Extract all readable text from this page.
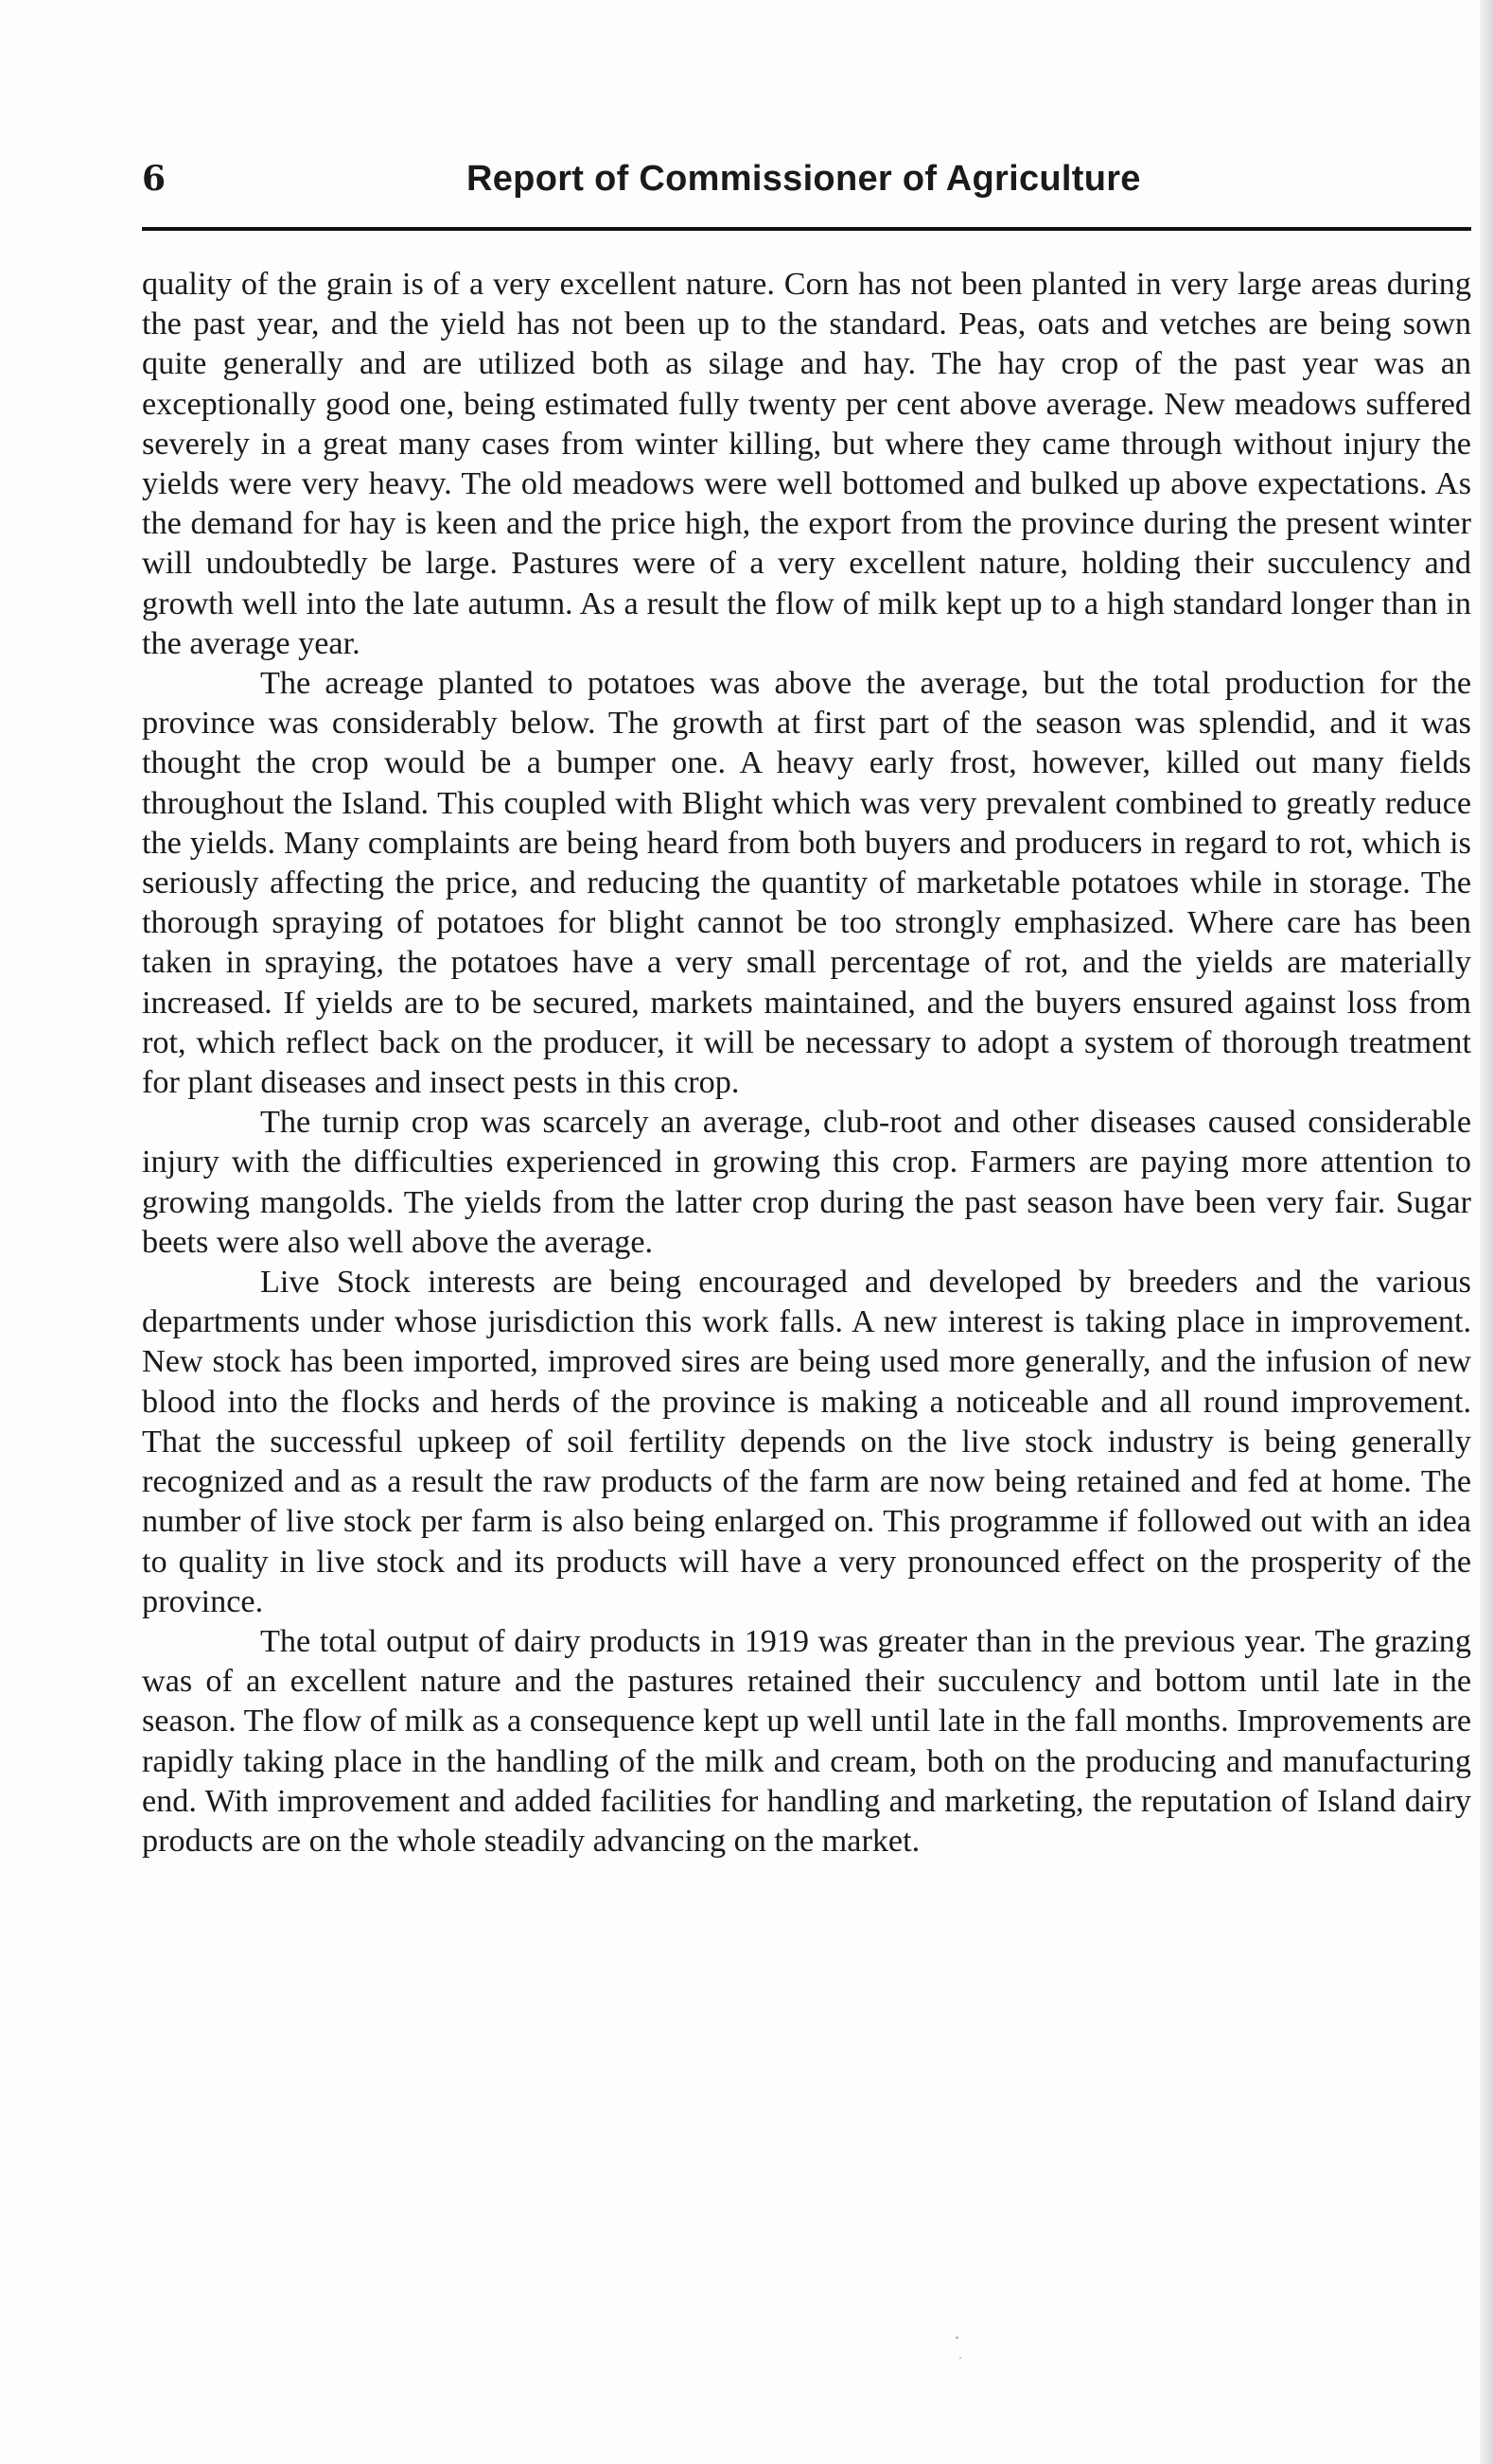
6	Report of Commissioner of Agriculture

quality of the grain is of a very excellent nature. Corn has not been planted in very large areas during the past year, and the yield has not been up to the standard. Peas, oats and vetches are being sown quite generally and are utilized both as silage and hay. The hay crop of the past year was an exceptionally good one, being estimated fully twenty per cent above average. New meadows suffered severely in a great many cases from winter killing, but where they came through without injury the yields were very heavy. The old meadows were well bottomed and bulked up above expectations. As the demand for hay is keen and the price high, the export from the province during the present winter will undoubtedly be large. Pastures were of a very excellent nature, holding their succulency and growth well into the late autumn. As a result the flow of milk kept up to a high standard longer than in the average year.

The acreage planted to potatoes was above the average, but the total production for the province was considerably below. The growth at first part of the season was splendid, and it was thought the crop would be a bumper one. A heavy early frost, however, killed out many fields throughout the Island. This coupled with Blight which was very prevalent combined to greatly reduce the yields. Many complaints are being heard from both buyers and producers in regard to rot, which is seriously affecting the price, and reducing the quantity of marketable potatoes while in storage. The thorough spraying of potatoes for blight cannot be too strongly emphasized. Where care has been taken in spraying, the potatoes have a very small percentage of rot, and the yields are materially increased. If yields are to be secured, markets maintained, and the buyers ensured against loss from rot, which reflect back on the producer, it will be necessary to adopt a system of thorough treatment for plant diseases and insect pests in this crop.

The turnip crop was scarcely an average, club-root and other diseases caused considerable injury with the difficulties experienced in growing this crop. Farmers are paying more attention to growing mangolds. The yields from the latter crop during the past season have been very fair. Sugar beets were also well above the average.

Live Stock interests are being encouraged and developed by breeders and the various departments under whose jurisdiction this work falls. A new interest is taking place in improvement. New stock has been imported, improved sires are being used more generally, and the infusion of new blood into the flocks and herds of the province is making a noticeable and all round improvement. That the successful upkeep of soil fertility depends on the live stock industry is being generally recognized and as a result the raw products of the farm are now being retained and fed at home. The number of live stock per farm is also being enlarged on. This programme if followed out with an idea to quality in live stock and its products will have a very pronounced effect on the prosperity of the province.

The total output of dairy products in 1919 was greater than in the previous year. The grazing was of an excellent nature and the pastures retained their succulency and bottom until late in the season. The flow of milk as a consequence kept up well until late in the fall months. Improvements are rapidly taking place in the handling of the milk and cream, both on the producing and manufacturing end. With improvement and added facilities for handling and marketing, the reputation of Island dairy products are on the whole steadily advancing on the market.
